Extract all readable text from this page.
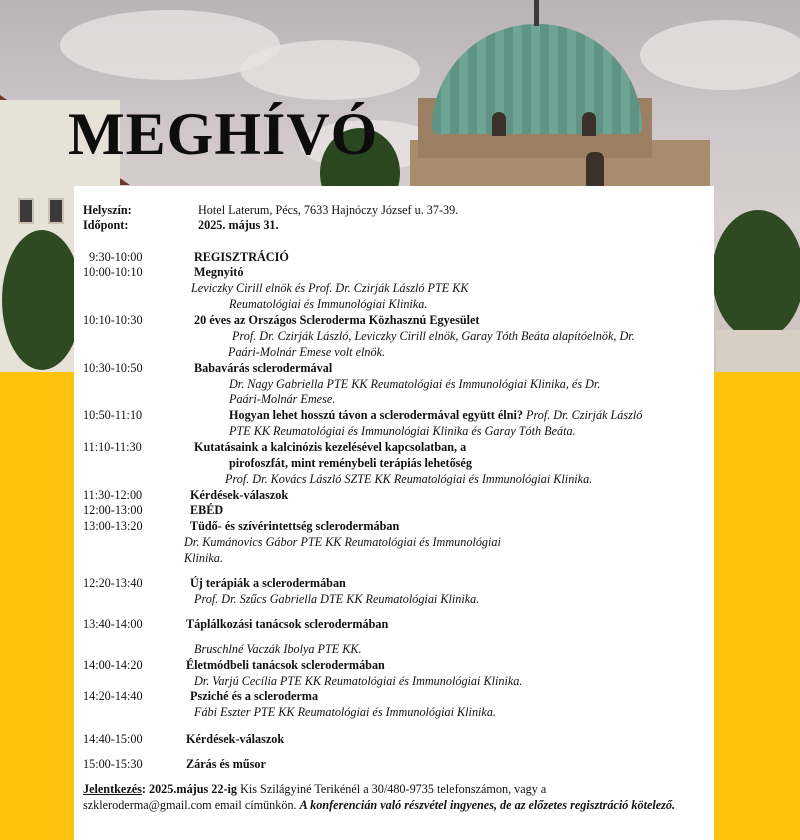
MEGHÍVÓ
Helyszín:	Hotel Laterum, Pécs, 7633 Hajnóczy József u. 37-39.
Időpont:	2025. május 31.
9:30-10:00	REGISZTRÁCIÓ
10:00-10:10	Megnyitó
Leviczky Cirill elnök és Prof. Dr. Czirják László PTE KK
Reumatológiai és Immunológiai Klinika.
10:10-10:30	20 éves az Országos Scleroderma Közhasznú Egyesület
Prof. Dr. Czirják László, Leviczky Cirill elnök, Garay Tóth Beáta alapítóelnök, Dr.
Paári-Molnár Emese volt elnök.
10:30-10:50	Babavárás sclerodermával
Dr. Nagy Gabriella PTE KK Reumatológiai és Immunológiai Klinika, és Dr.
Paári-Molnár Emese.
10:50-11:10	Hogyan lehet hosszú távon a sclerodermával együtt élni? Prof. Dr. Czirják László
PTE KK Reumatológiai és Immunológiai Klinika és Garay Tóth Beáta.
11:10-11:30	Kutatásaink a kalcinózis kezelésével kapcsolatban, a
pirofoszfát, mint reménybeli terápiás lehetőség
Prof. Dr. Kovács László SZTE KK Reumatológiai és Immunológiai Klinika.
11:30-12:00	Kérdések-válaszok
12:00-13:00	EBÉD
13:00-13:20	Tüdő- és szívérintettség sclerodermában
Dr. Kumánovics Gábor PTE KK Reumatológiai és Immunológiai
Klinika.
12:20-13:40	Új terápiák a sclerodermában
Prof. Dr. Szűcs Gabriella DTE KK Reumatológiai Klinika.
13:40-14:00	Táplálkozási tanácsok sclerodermában
Bruschlné Vaczák Ibolya PTE KK.
14:00-14:20	Életmódbeli tanácsok sclerodermában
Dr. Varjú Cecília PTE KK Reumatológiai és Immunológiai Klinika.
14:20-14:40	Psziché és a scleroderma
Fábi Eszter PTE KK Reumatológiai és Immunológiai Klinika.
14:40-15:00	Kérdések-válaszok
15:00-15:30	Zárás és műsor
Jelentkezés: 2025.május 22-ig Kis Szilágyiné Terikénél a 30/480-9735 telefonszámon, vagy a
szkleroderma@gmail.com email címünkön. A konferencián való részvétel ingyenes, de az előzetes regisztráció kötelező.
